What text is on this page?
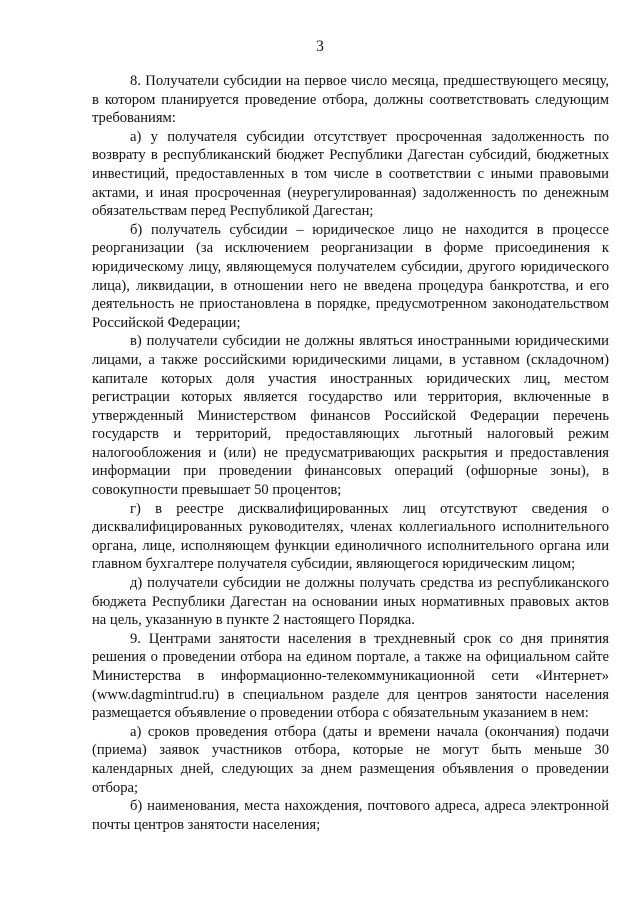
3

8. Получатели субсидии на первое число месяца, предшествующего месяцу, в котором планируется проведение отбора, должны соответствовать следующим требованиям:

а) у получателя субсидии отсутствует просроченная задолженность по возврату в республиканский бюджет Республики Дагестан субсидий, бюджетных инвестиций, предоставленных в том числе в соответствии с иными правовыми актами, и иная просроченная (неурегулированная) задолженность по денежным обязательствам перед Республикой Дагестан;

б) получатель субсидии – юридическое лицо не находится в процессе реорганизации (за исключением реорганизации в форме присоединения к юридическому лицу, являющемуся получателем субсидии, другого юридического лица), ликвидации, в отношении него не введена процедура банкротства, и его деятельность не приостановлена в порядке, предусмотренном законодательством Российской Федерации;

в) получатели субсидии не должны являться иностранными юридическими лицами, а также российскими юридическими лицами, в уставном (складочном) капитале которых доля участия иностранных юридических лиц, местом регистрации которых является государство или территория, включенные в утвержденный Министерством финансов Российской Федерации перечень государств и территорий, предоставляющих льготный налоговый режим налогообложения и (или) не предусматривающих раскрытия и предоставления информации при проведении финансовых операций (офшорные зоны), в совокупности превышает 50 процентов;

г) в реестре дисквалифицированных лиц отсутствуют сведения о дисквалифицированных руководителях, членах коллегиального исполнительного органа, лице, исполняющем функции единоличного исполнительного органа или главном бухгалтере получателя субсидии, являющегося юридическим лицом;

д) получатели субсидии не должны получать средства из республиканского бюджета Республики Дагестан на основании иных нормативных правовых актов на цель, указанную в пункте 2 настоящего Порядка.

9. Центрами занятости населения в трехдневный срок со дня принятия решения о проведении отбора на едином портале, а также на официальном сайте Министерства в информационно-телекоммуникационной сети «Интернет» (www.dagmintrud.ru) в специальном разделе для центров занятости населения размещается объявление о проведении отбора с обязательным указанием в нем:

а) сроков проведения отбора (даты и времени начала (окончания) подачи (приема) заявок участников отбора, которые не могут быть меньше 30 календарных дней, следующих за днем размещения объявления о проведении отбора;

б) наименования, места нахождения, почтового адреса, адреса электронной почты центров занятости населения;
